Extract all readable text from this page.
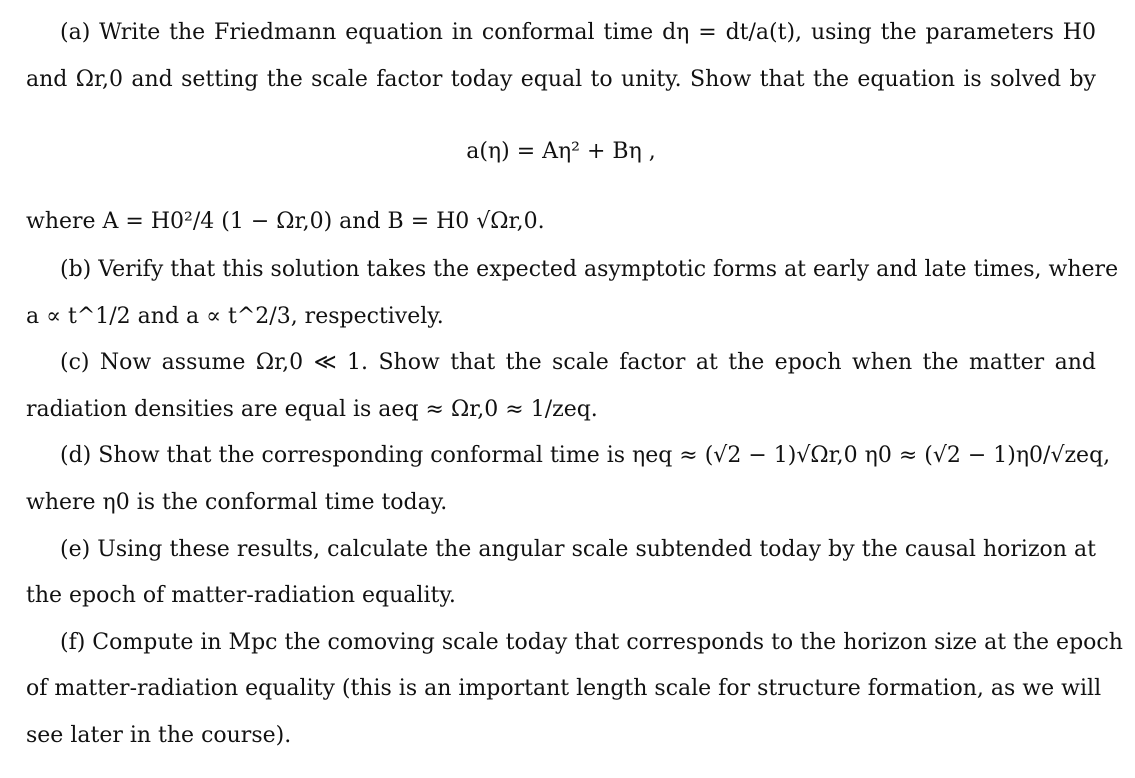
(a) Write the Friedmann equation in conformal time dη = dt/a(t), using the parameters H0
and Ωr,0 and setting the scale factor today equal to unity. Show that the equation is solved by
a(η) = Aη² + Bη ,
where A = H0²/4 (1 − Ωr,0) and B = H0 √Ωr,0.
(b) Verify that this solution takes the expected asymptotic forms at early and late times, where
a ∝ t^1/2 and a ∝ t^2/3, respectively.
(c) Now assume Ωr,0 ≪ 1. Show that the scale factor at the epoch when the matter and
radiation densities are equal is aeq ≈ Ωr,0 ≈ 1/zeq.
(d) Show that the corresponding conformal time is ηeq ≈ (√2 − 1)√Ωr,0 η0 ≈ (√2 − 1)η0/√zeq,
where η0 is the conformal time today.
(e) Using these results, calculate the angular scale subtended today by the causal horizon at
the epoch of matter-radiation equality.
(f) Compute in Mpc the comoving scale today that corresponds to the horizon size at the epoch
of matter-radiation equality (this is an important length scale for structure formation, as we will
see later in the course).
